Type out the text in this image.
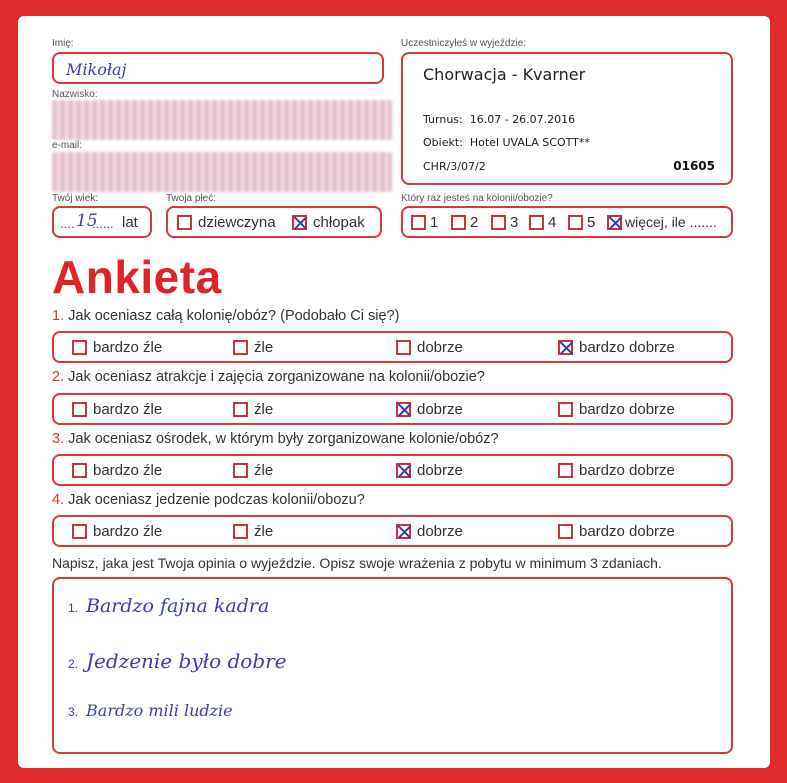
Imię:
Mikołaj
Nazwisko:
e-mail:
Twój wiek:
.... 15
...... lat
Twoja płeć:
dziewczyna chłopak
Uczestniczyłeś w wyjeździe:
Chorwacja - Kvarner
Turnus: 16.07 - 26.07.2016
Obiekt: Hotel UVALA SCOTT**
CHR/3/07/2	01605
Który raz jesteś na kolonii/obozie?
1 2 3 4 5 więcej, ile .......
Ankieta
1. Jak oceniasz całą kolonię/obóz? (Podobało Ci się?)
bardzo źle	źle	dobrze	bardzo dobrze
2. Jak oceniasz atrakcje i zajęcia zorganizowane na kolonii/obozie?
bardzo źle	źle	dobrze	bardzo dobrze
3. Jak oceniasz ośrodek, w którym były zorganizowane kolonie/obóz?
bardzo źle	źle	dobrze	bardzo dobrze
4. Jak oceniasz jedzenie podczas kolonii/obozu?
bardzo źle	źle	dobrze	bardzo dobrze
Napisz, jaka jest Twoja opinia o wyjeździe. Opisz swoje wrażenia z pobytu w minimum 3 zdaniach.
1. Bardzo fajna kadra
2. Jedzenie było dobre
3. Bardzo mili ludzie
